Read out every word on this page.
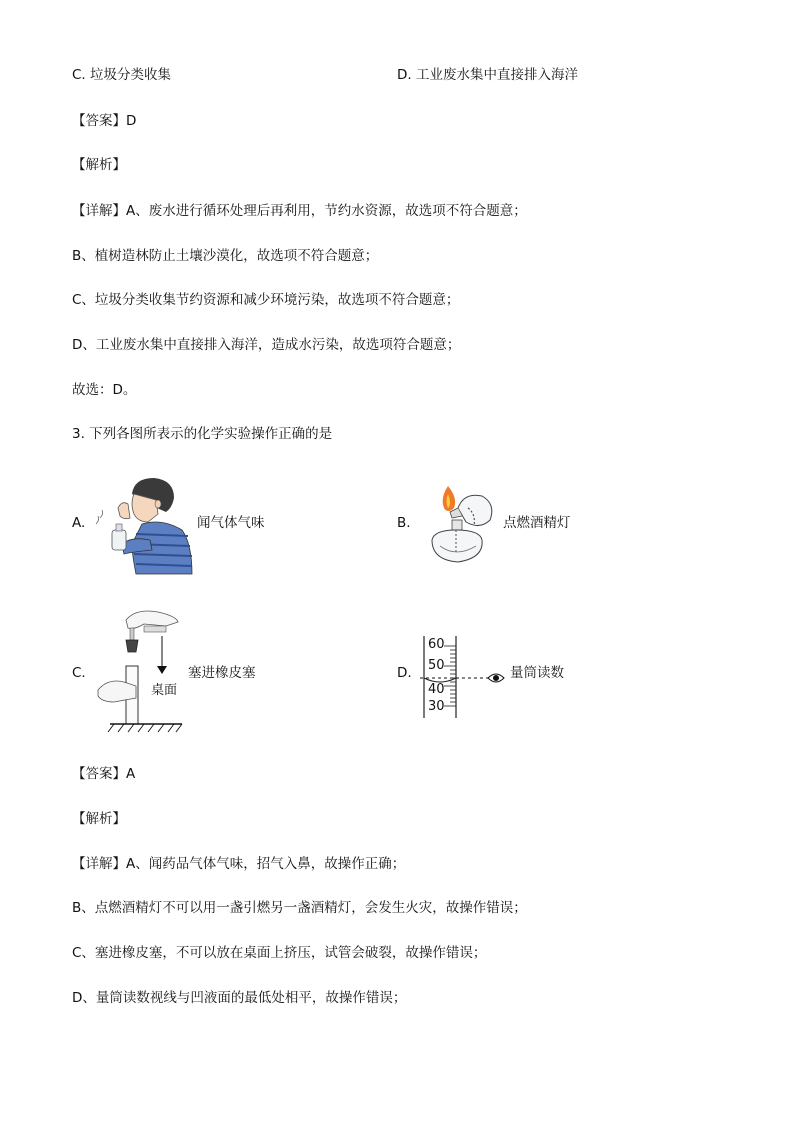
C. 垃圾分类收集	D. 工业废水集中直接排入海洋
【答案】D
【解析】
【详解】A、废水进行循环处理后再利用，节约水资源，故选项不符合题意；
B、植树造林防止土壤沙漠化，故选项不符合题意；
C、垃圾分类收集节约资源和减少环境污染，故选项不符合题意；
D、工业废水集中直接排入海洋，造成水污染，故选项符合题意；
故选：D。
3. 下列各图所表示的化学实验操作正确的是
A.	闻气体气味	B.	点燃酒精灯
C.
桌面
塞进橡皮塞	D.
60
50
40
30
量筒读数
【答案】A
【解析】
【详解】A、闻药品气体气味，招气入鼻，故操作正确；
B、点燃酒精灯不可以用一盏引燃另一盏酒精灯，会发生火灾，故操作错误；
C、塞进橡皮塞，不可以放在桌面上挤压，试管会破裂，故操作错误；
D、量筒读数视线与凹液面的最低处相平，故操作错误；
